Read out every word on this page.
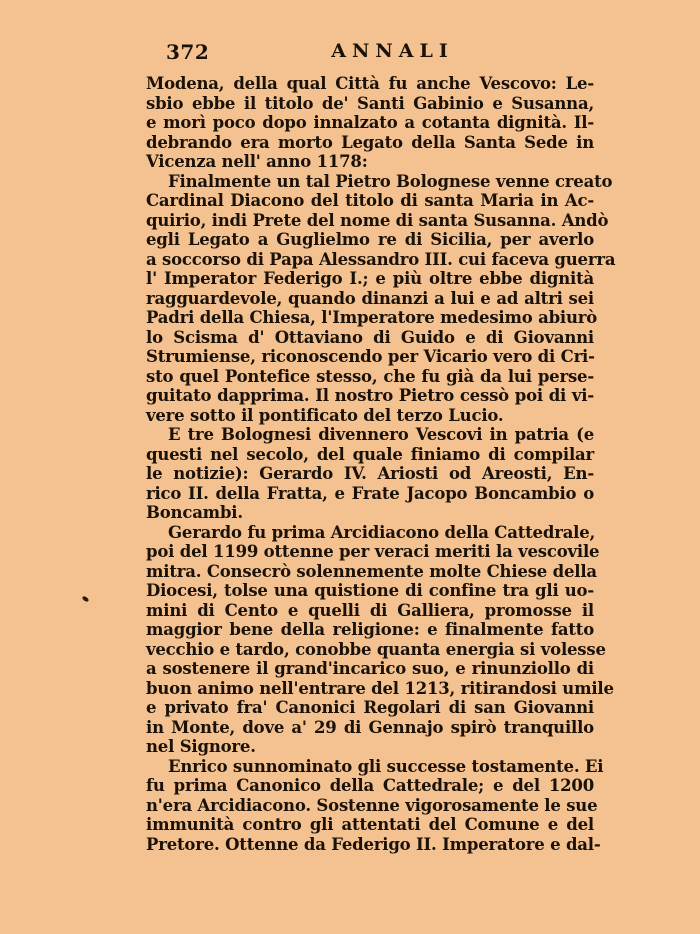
372	ANNALI
Modena, della qual Città fu anche Vescovo: Le-
sbio ebbe il titolo de' Santi Gabinio e Susanna,
e morì poco dopo innalzato a cotanta dignità. Il-
debrando era morto Legato della Santa Sede in
Vicenza nell' anno 1178:
Finalmente un tal Pietro Bolognese venne creato
Cardinal Diacono del titolo di santa Maria in Ac-
quirio, indi Prete del nome di santa Susanna. Andò
egli Legato a Guglielmo re di Sicilia, per averlo
a soccorso di Papa Alessandro III. cui faceva guerra
l' Imperator Federigo I.; e più oltre ebbe dignità
ragguardevole, quando dinanzi a lui e ad altri sei
Padri della Chiesa, l'Imperatore medesimo abiurò
lo Scisma d' Ottaviano di Guido e di Giovanni
Strumiense, riconoscendo per Vicario vero di Cri-
sto quel Pontefice stesso, che fu già da lui perse-
guitato dapprima. Il nostro Pietro cessò poi di vi-
vere sotto il pontificato del terzo Lucio.
E tre Bolognesi divennero Vescovi in patria (e
questi nel secolo, del quale finiamo di compilar
le notizie): Gerardo IV. Ariosti od Areosti, En-
rico II. della Fratta, e Frate Jacopo Boncambio o
Boncambi.
Gerardo fu prima Arcidiacono della Cattedrale,
poi del 1199 ottenne per veraci meriti la vescovile
mitra. Consecrò solennemente molte Chiese della
Diocesi, tolse una quistione di confine tra gli uo-
mini di Cento e quelli di Galliera, promosse il
maggior bene della religione: e finalmente fatto
vecchio e tardo, conobbe quanta energia si volesse
a sostenere il grand'incarico suo, e rinunziollo di
buon animo nell'entrare del 1213, ritirandosi umile
e privato fra' Canonici Regolari di san Giovanni
in Monte, dove a' 29 di Gennajo spirò tranquillo
nel Signore.
Enrico sunnominato gli successe tostamente. Ei
fu prima Canonico della Cattedrale; e del 1200
n'era Arcidiacono. Sostenne vigorosamente le sue
immunità contro gli attentati del Comune e del
Pretore. Ottenne da Federigo II. Imperatore e dal-
